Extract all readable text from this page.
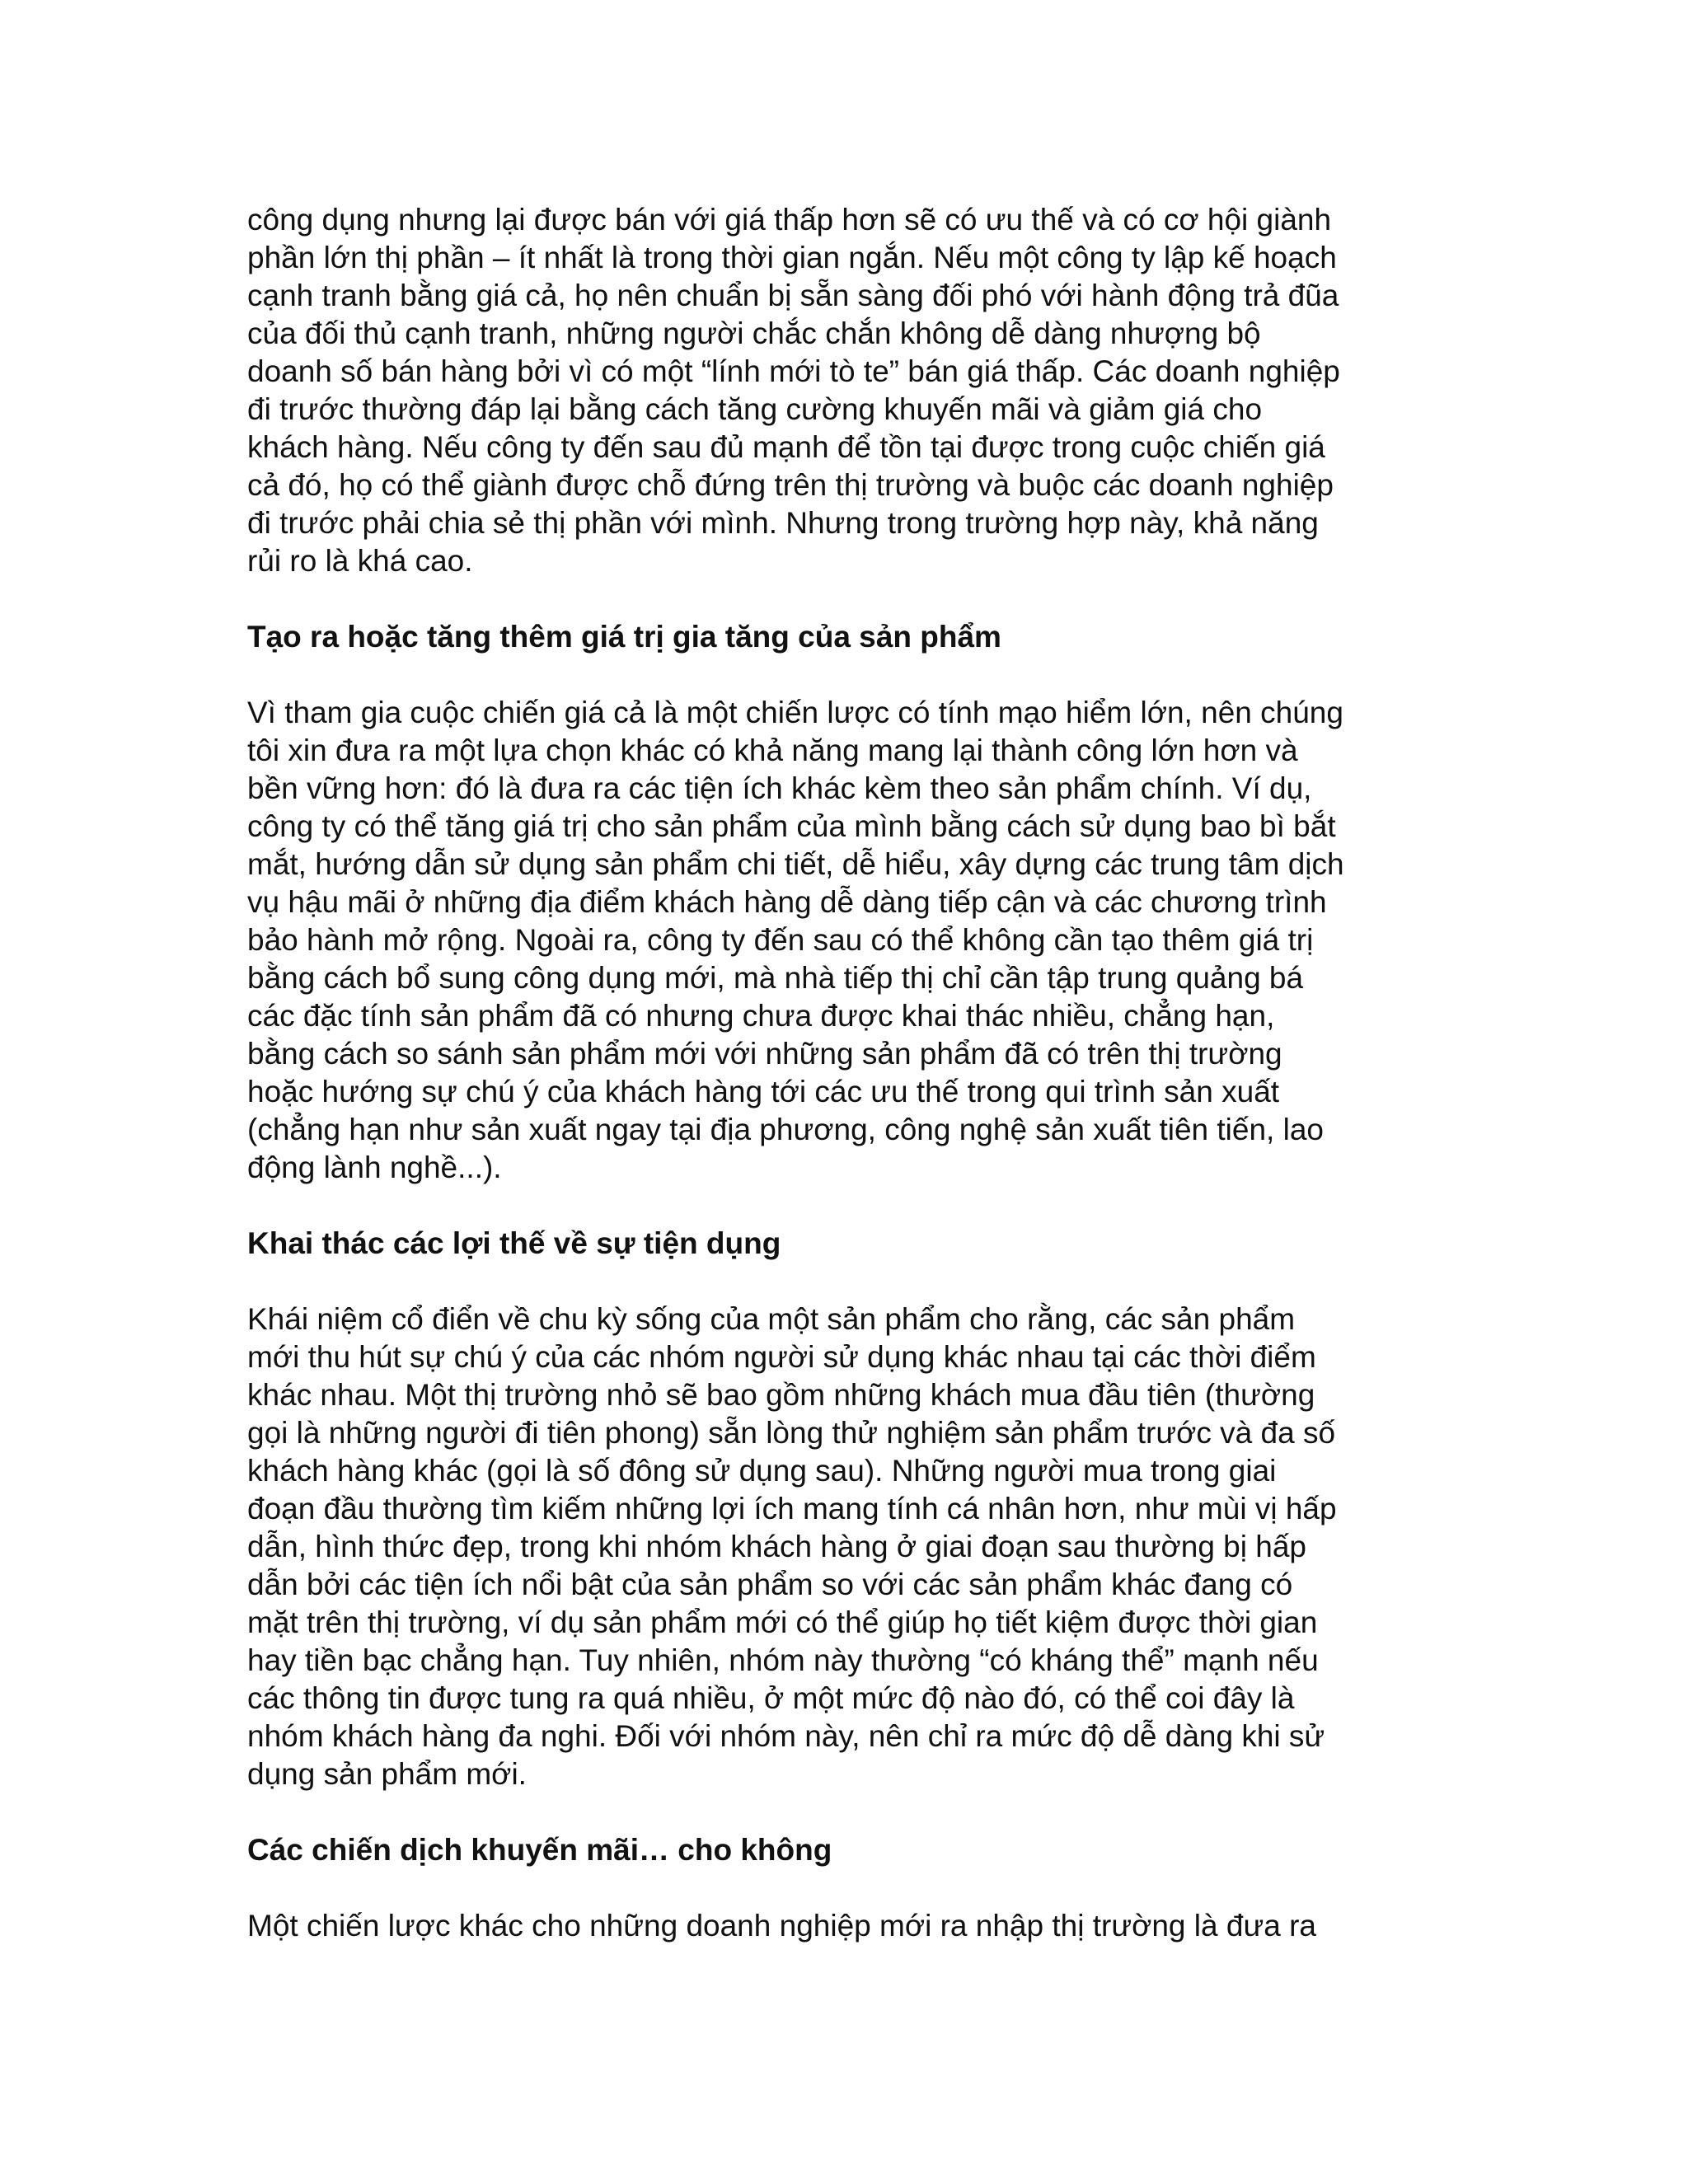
công dụng nhưng lại được bán với giá thấp hơn sẽ có ưu thế và có cơ hội giành
phần lớn thị phần – ít nhất là trong thời gian ngắn. Nếu một công ty lập kế hoạch
cạnh tranh bằng giá cả, họ nên chuẩn bị sẵn sàng đối phó với hành động trả đũa
của đối thủ cạnh tranh, những người chắc chắn không dễ dàng nhượng bộ
doanh số bán hàng bởi vì có một “lính mới tò te” bán giá thấp. Các doanh nghiệp
đi trước thường đáp lại bằng cách tăng cường khuyến mãi và giảm giá cho
khách hàng. Nếu công ty đến sau đủ mạnh để tồn tại được trong cuộc chiến giá
cả đó, họ có thể giành được chỗ đứng trên thị trường và buộc các doanh nghiệp
đi trước phải chia sẻ thị phần với mình. Nhưng trong trường hợp này, khả năng
rủi ro là khá cao.
Tạo ra hoặc tăng thêm giá trị gia tăng của sản phẩm
Vì tham gia cuộc chiến giá cả là một chiến lược có tính mạo hiểm lớn, nên chúng
tôi xin đưa ra một lựa chọn khác có khả năng mang lại thành công lớn hơn và
bền vững hơn: đó là đưa ra các tiện ích khác kèm theo sản phẩm chính. Ví dụ,
công ty có thể tăng giá trị cho sản phẩm của mình bằng cách sử dụng bao bì bắt
mắt, hướng dẫn sử dụng sản phẩm chi tiết, dễ hiểu, xây dựng các trung tâm dịch
vụ hậu mãi ở những địa điểm khách hàng dễ dàng tiếp cận và các chương trình
bảo hành mở rộng. Ngoài ra, công ty đến sau có thể không cần tạo thêm giá trị
bằng cách bổ sung công dụng mới, mà nhà tiếp thị chỉ cần tập trung quảng bá
các đặc tính sản phẩm đã có nhưng chưa được khai thác nhiều, chẳng hạn,
bằng cách so sánh sản phẩm mới với những sản phẩm đã có trên thị trường
hoặc hướng sự chú ý của khách hàng tới các ưu thế trong qui trình sản xuất
(chẳng hạn như sản xuất ngay tại địa phương, công nghệ sản xuất tiên tiến, lao
động lành nghề...).
Khai thác các lợi thế về sự tiện dụng
Khái niệm cổ điển về chu kỳ sống của một sản phẩm cho rằng, các sản phẩm
mới thu hút sự chú ý của các nhóm người sử dụng khác nhau tại các thời điểm
khác nhau. Một thị trường nhỏ sẽ bao gồm những khách mua đầu tiên (thường
gọi là những người đi tiên phong) sẵn lòng thử nghiệm sản phẩm trước và đa số
khách hàng khác (gọi là số đông sử dụng sau). Những người mua trong giai
đoạn đầu thường tìm kiếm những lợi ích mang tính cá nhân hơn, như mùi vị hấp
dẫn, hình thức đẹp, trong khi nhóm khách hàng ở giai đoạn sau thường bị hấp
dẫn bởi các tiện ích nổi bật của sản phẩm so với các sản phẩm khác đang có
mặt trên thị trường, ví dụ sản phẩm mới có thể giúp họ tiết kiệm được thời gian
hay tiền bạc chẳng hạn. Tuy nhiên, nhóm này thường “có kháng thể” mạnh nếu
các thông tin được tung ra quá nhiều, ở một mức độ nào đó, có thể coi đây là
nhóm khách hàng đa nghi. Đối với nhóm này, nên chỉ ra mức độ dễ dàng khi sử
dụng sản phẩm mới.
Các chiến dịch khuyến mãi… cho không
Một chiến lược khác cho những doanh nghiệp mới ra nhập thị trường là đưa ra
